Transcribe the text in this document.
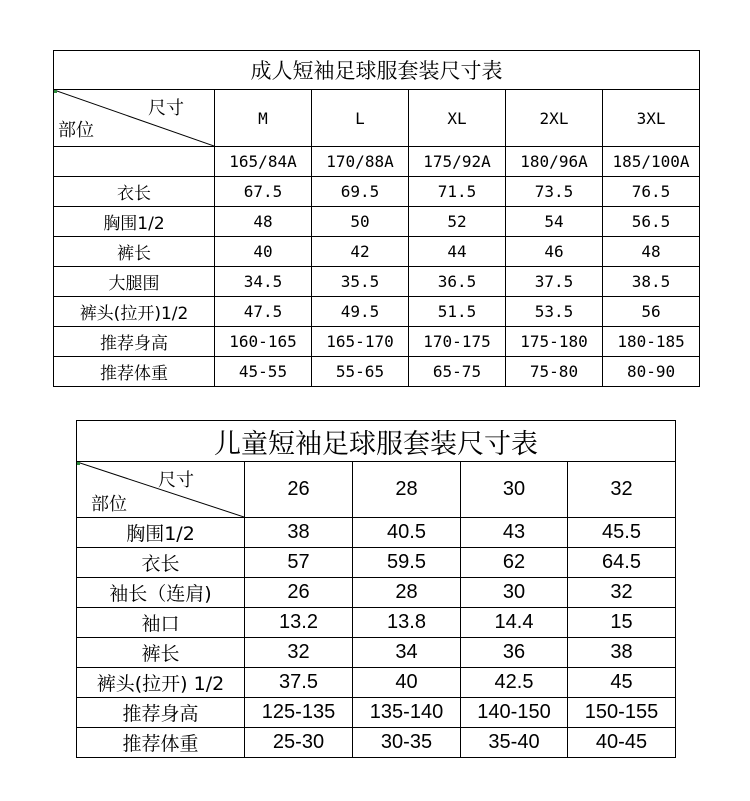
成人短袖足球服套装尺寸表					

尺寸
部位	M	L	XL	2XL	3XL
	165/84A	170/88A	175/92A	180/96A	185/100A
衣长	67.5	69.5	71.5	73.5	76.5
胸围1/2	48	50	52	54	56.5
裤长	40	42	44	46	48
大腿围	34.5	35.5	36.5	37.5	38.5
裤头(拉开)1/2	47.5	49.5	51.5	53.5	56
推荐身高	160-165	165-170	170-175	175-180	180-185
推荐体重	45-55	55-65	65-75	75-80	80-90
儿童短袖足球服套装尺寸表				

尺寸
部位	26	28	30	32
胸围1/2	38	40.5	43	45.5
衣长	57	59.5	62	64.5
袖长（连肩)	26	28	30	32
袖口	13.2	13.8	14.4	15
裤长	32	34	36	38
裤头(拉开) 1/2	37.5	40	42.5	45
推荐身高	125-135	135-140	140-150	150-155
推荐体重	25-30	30-35	35-40	40-45
